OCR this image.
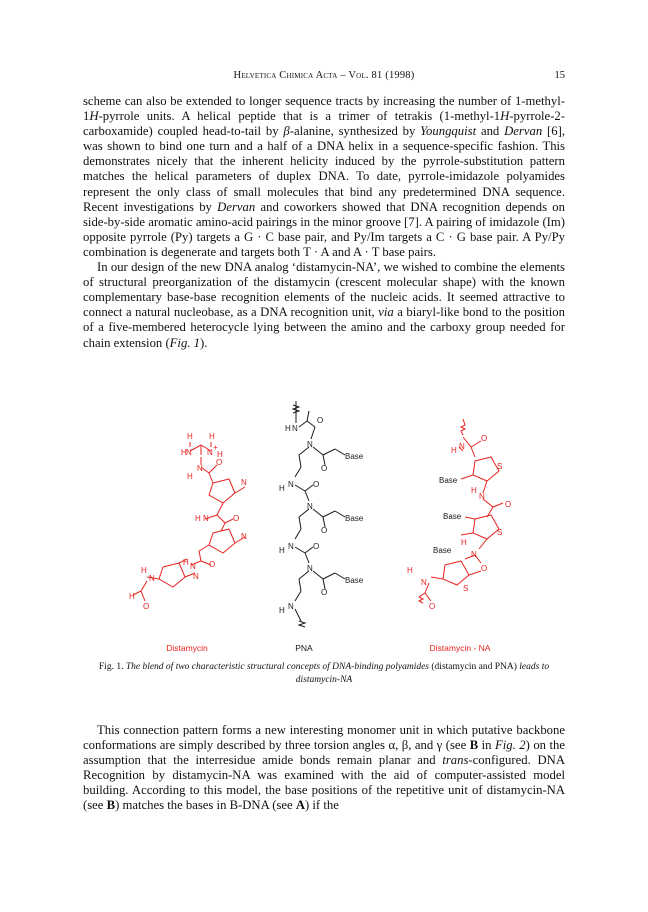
Helvetica Chimica Acta – Vol. 81 (1998)	15

scheme can also be extended to longer sequence tracts by increasing the number of 1-methyl-1H-pyrrole units. A helical peptide that is a trimer of tetrakis (1-methyl-1H-pyrrole-2-carboxamide) coupled head-to-tail by β-alanine, synthesized by Youngquist and Dervan [6], was shown to bind one turn and a half of a DNA helix in a sequence-specific fashion. This demonstrates nicely that the inherent helicity induced by the pyrrole-substitution pattern matches the helical parameters of duplex DNA. To date, pyrrole-imidazole polyamides represent the only class of small molecules that bind any predetermined DNA sequence. Recent investigations by Dervan and coworkers showed that DNA recognition depends on side-by-side aromatic amino-acid pairings in the minor groove [7]. A pairing of imidazole (Im) opposite pyrrole (Py) targets a G · C base pair, and Py/Im targets a C · G base pair. A Py/Py combination is degenerate and targets both T · A and A · T base pairs.

In our design of the new DNA analog ‘distamycin-NA’, we wished to combine the elements of structural preorganization of the distamycin (crescent molecular shape) with the known complementary base-base recognition elements of the nucleic acids. It seemed attractive to connect a natural nucleobase, as a DNA recognition unit, via a biaryl-like bond to the position of a five-membered heterocycle lying between the amino and the carboxy group needed for chain extension (Fig. 1).

H H
H N N
+
H
N
H
O
N
H N	O
N
H N O
N
H
N
H
O
H N
O
N
O
Base
H N O
N
O
Base
H N O
N
O
Base
H N
O
H N
S
Base
H
N
O
Base
S
Base
H
N
O
S
H
N
O
Distamycin	PNA	Distamycin - NA
Fig. 1. The blend of two characteristic structural concepts of DNA-binding polyamides (distamycin and PNA) leads to distamycin-NA

This connection pattern forms a new interesting monomer unit in which putative backbone conformations are simply described by three torsion angles α, β, and γ (see B in Fig. 2) on the assumption that the interresidue amide bonds remain planar and trans-configured. DNA Recognition by distamycin-NA was examined with the aid of computer-assisted model building. According to this model, the base positions of the repetitive unit of distamycin-NA (see B) matches the bases in B-DNA (see A) if the
